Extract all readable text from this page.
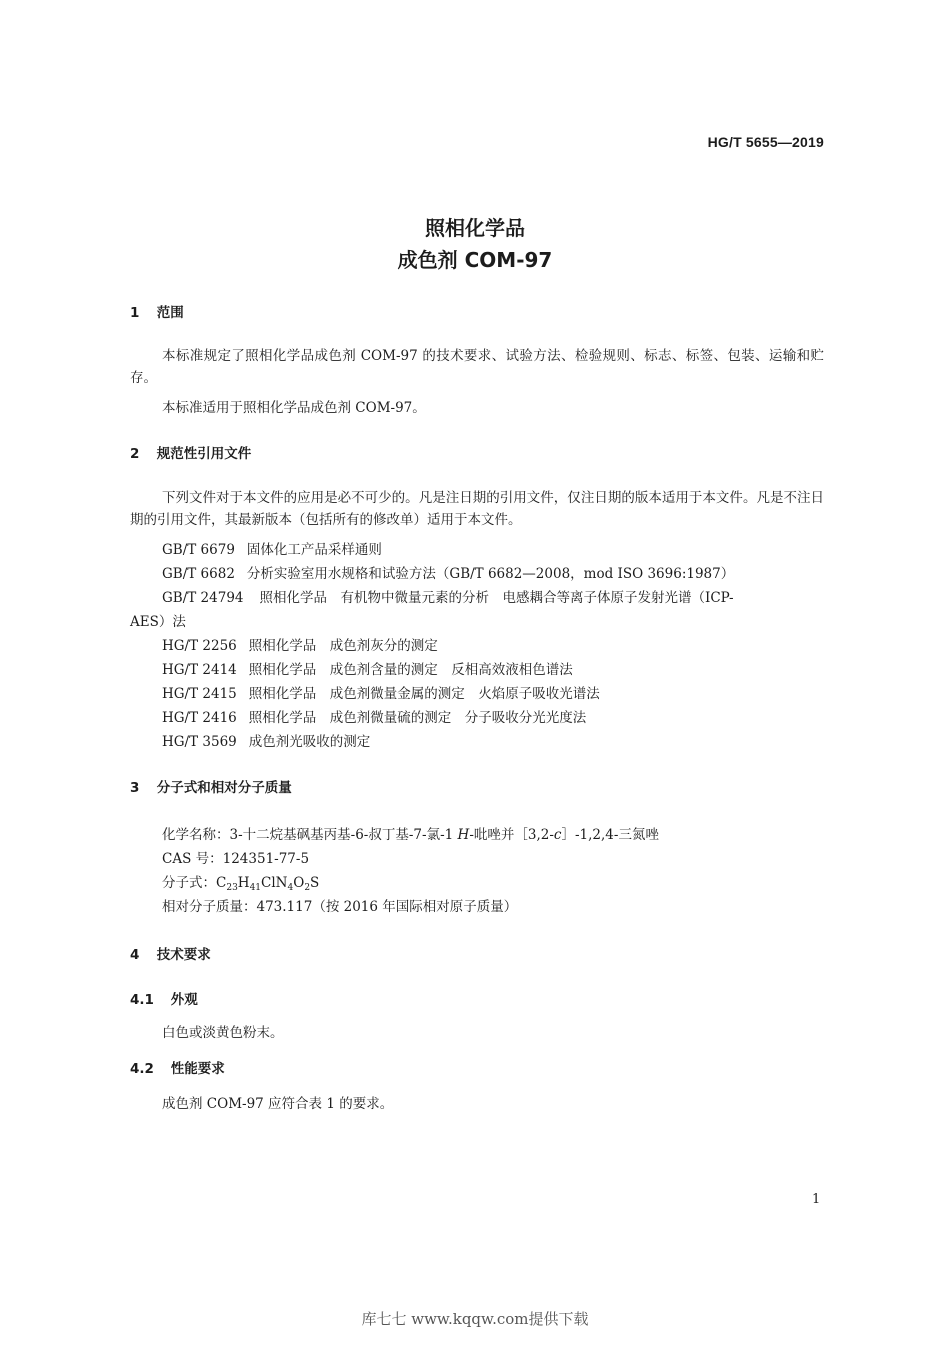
HG/T 5655—2019
照相化学品
成色剂 COM-97
1 范围
本标准规定了照相化学品成色剂 COM-97 的技术要求、试验方法、检验规则、标志、标签、包装、运输和贮存。
本标准适用于照相化学品成色剂 COM-97。
2 规范性引用文件
下列文件对于本文件的应用是必不可少的。凡是注日期的引用文件，仅注日期的版本适用于本文件。凡是不注日期的引用文件，其最新版本（包括所有的修改单）适用于本文件。
GB/T 6679 固体化工产品采样通则
GB/T 6682 分析实验室用水规格和试验方法（GB/T 6682—2008，mod ISO 3696:1987）
GB/T 24794 照相化学品　有机物中微量元素的分析　电感耦合等离子体原子发射光谱（ICP-
AES）法
HG/T 2256 照相化学品　成色剂灰分的测定
HG/T 2414 照相化学品　成色剂含量的测定　反相高效液相色谱法
HG/T 2415 照相化学品　成色剂微量金属的测定　火焰原子吸收光谱法
HG/T 2416 照相化学品　成色剂微量硫的测定　分子吸收分光光度法
HG/T 3569 成色剂光吸收的测定
3 分子式和相对分子质量
化学名称：3-十二烷基砜基丙基-6-叔丁基-7-氯-1 H-吡唑并［3,2-c］-1,2,4-三氮唑
CAS 号：124351-77-5
分子式：$C_{23}H_{41}ClN_4O_2S$
相对分子质量：473.117（按 2016 年国际相对原子质量）
4 技术要求
4.1 外观
白色或淡黄色粉末。
4.2 性能要求
成色剂 COM-97 应符合表 1 的要求。
1
库七七 www.kqqw.com提供下载
